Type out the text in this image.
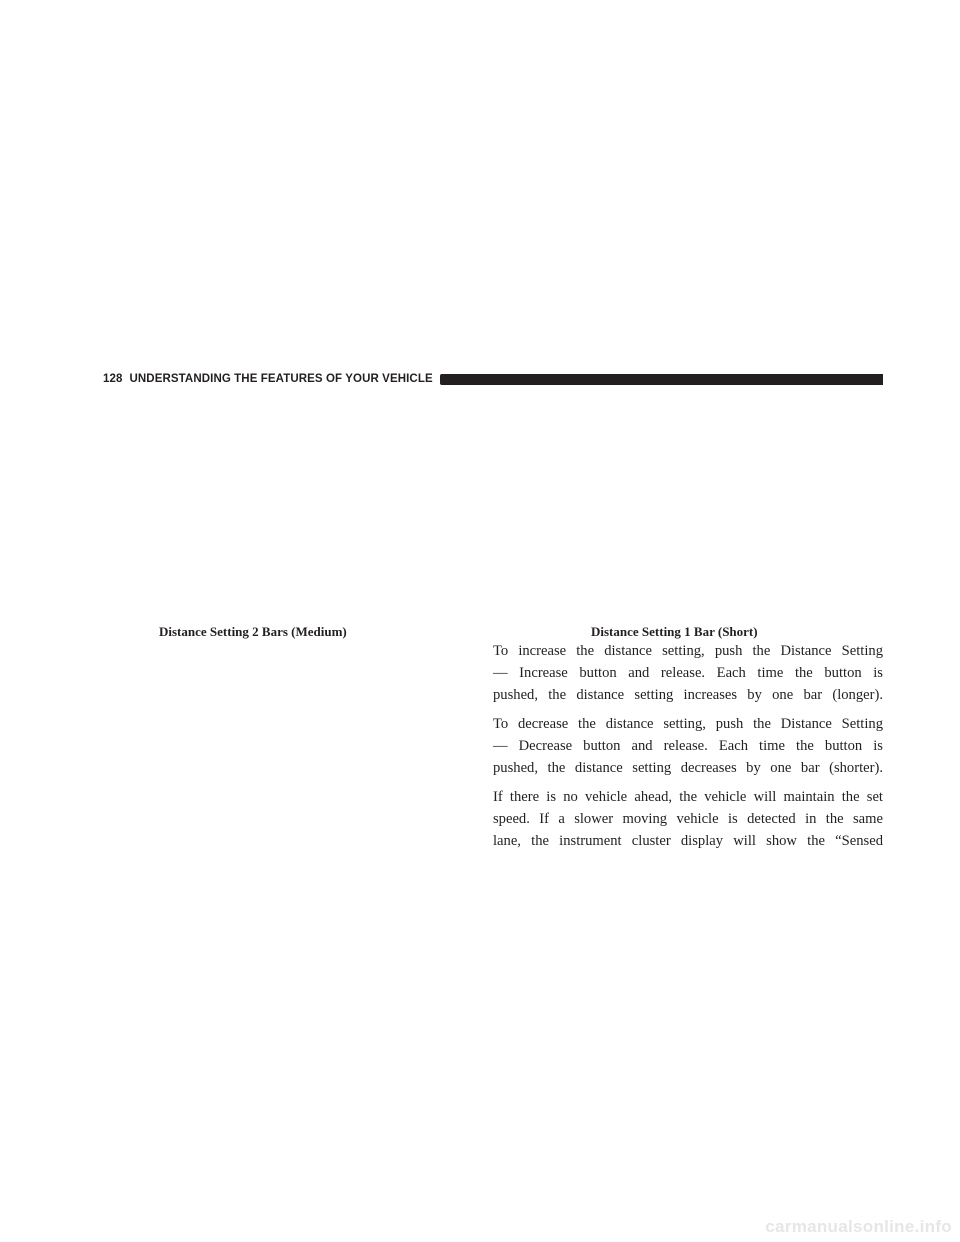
128 UNDERSTANDING THE FEATURES OF YOUR VEHICLE
Distance Setting 2 Bars (Medium)	Distance Setting 1 Bar (Short)

To increase the distance setting, push the Distance Setting
— Increase button and release. Each time the button is
pushed, the distance setting increases by one bar (longer).

To decrease the distance setting, push the Distance Setting
— Decrease button and release. Each time the button is
pushed, the distance setting decreases by one bar (shorter).

If there is no vehicle ahead, the vehicle will maintain the set
speed. If a slower moving vehicle is detected in the same
lane, the instrument cluster display will show the “Sensed

carmanualsonline.info
